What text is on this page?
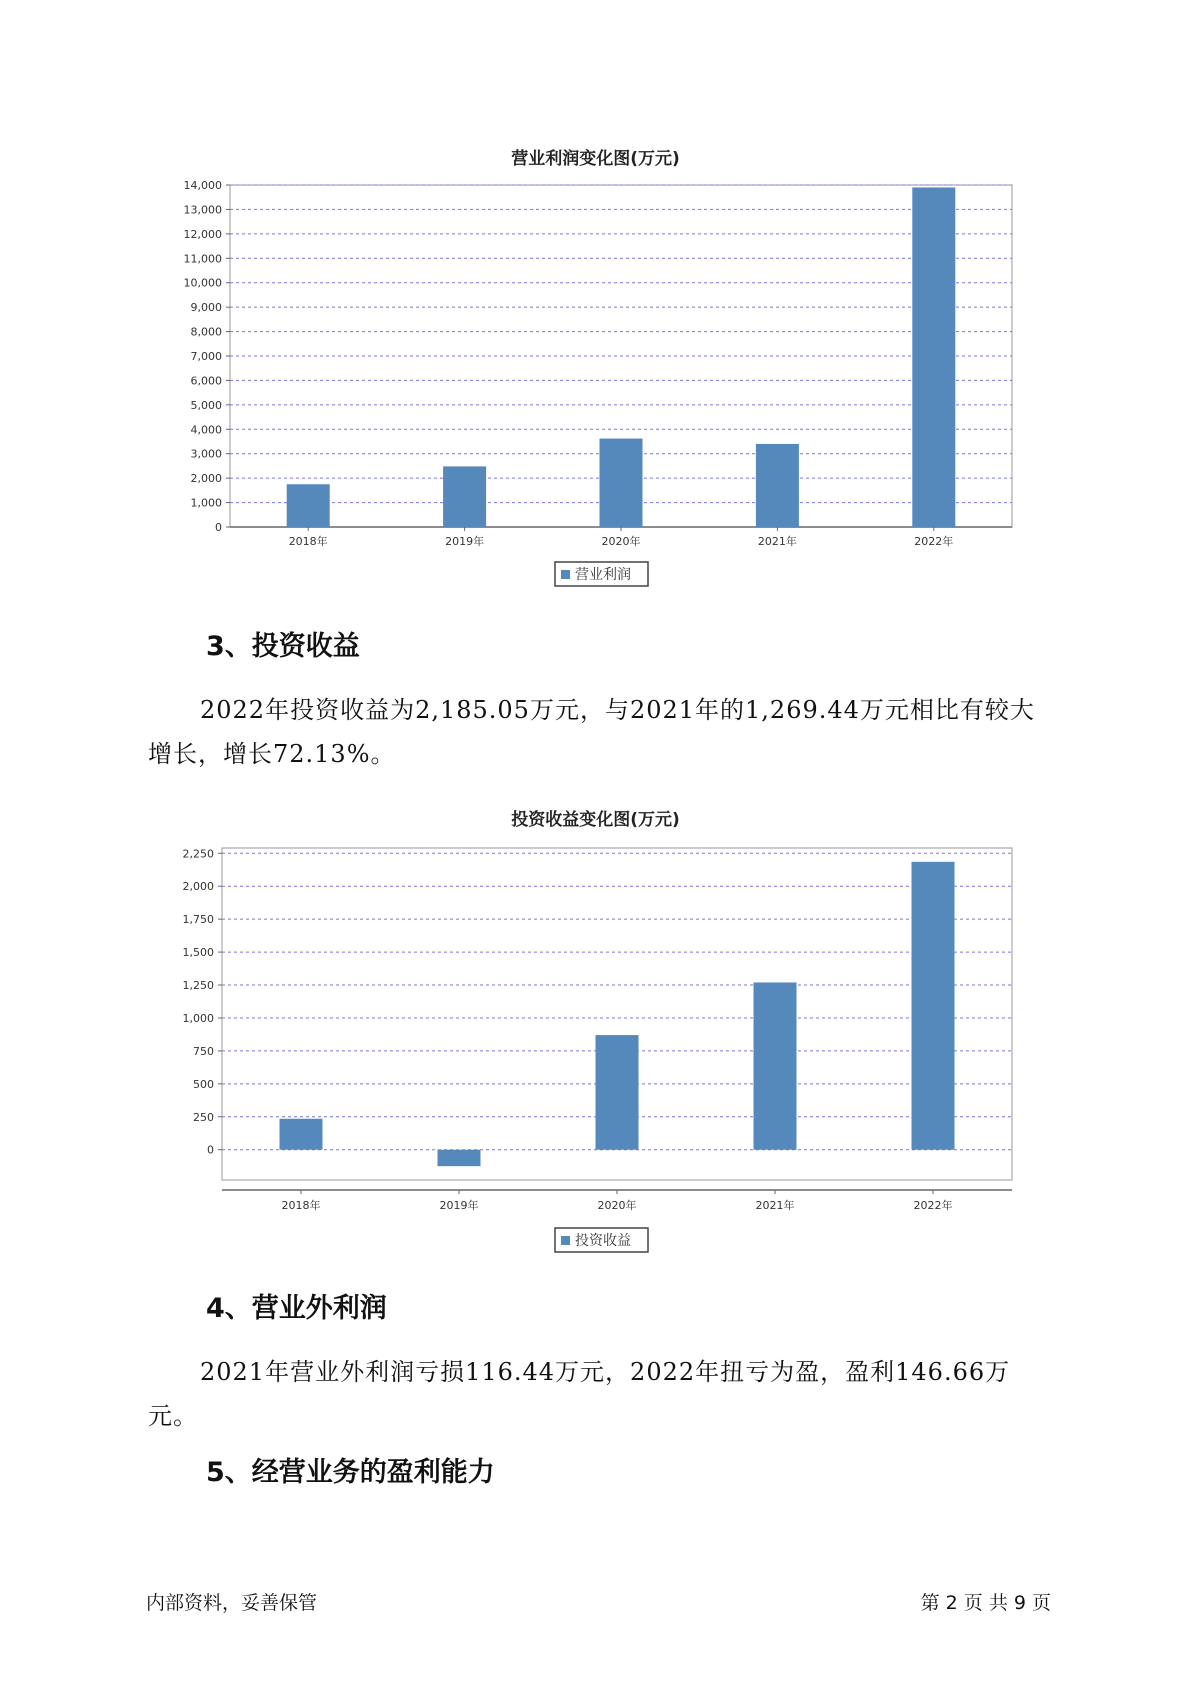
营业利润变化图(万元)
0
1,000
2,000
3,000
4,000
5,000
6,000
7,000
8,000
9,000
10,000
11,000
12,000
13,000
14,000
2018年	2019年	2020年	2021年	2022年
营业利润
3、投资收益
2022年投资收益为2,185.05万元，与2021年的1,269.44万元相比有较大增长，增长72.13%。
投资收益变化图(万元)
0
250
500
750
1,000
1,250
1,500
1,750
2,000
2,250
2018年	2019年	2020年	2021年	2022年
投资收益
4、营业外利润
2021年营业外利润亏损116.44万元，2022年扭亏为盈，盈利146.66万元。
5、经营业务的盈利能力
内部资料，妥善保管	第 2 页 共 9 页
